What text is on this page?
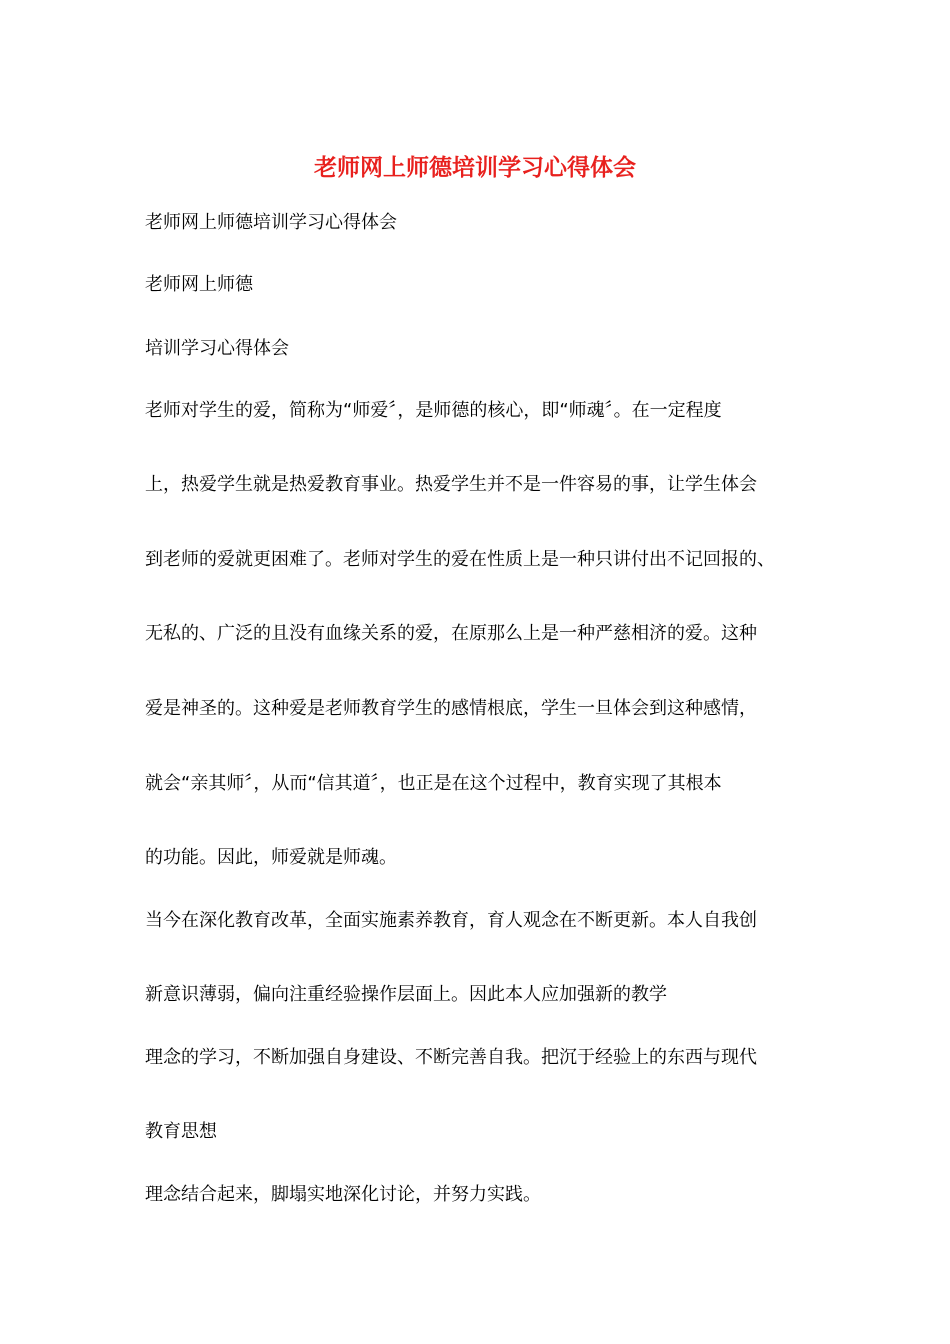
老师网上师德培训学习心得体会
老师网上师德培训学习心得体会
老师网上师德
培训学习心得体会
老师对学生的爱，简称为“师爱〞，是师德的核心，即“师魂〞。在一定程度
上，热爱学生就是热爱教育事业。热爱学生并不是一件容易的事，让学生体会
到老师的爱就更困难了。老师对学生的爱在性质上是一种只讲付出不记回报的、
无私的、广泛的且没有血缘关系的爱，在原那么上是一种严慈相济的爱。这种
爱是神圣的。这种爱是老师教育学生的感情根底，学生一旦体会到这种感情，
就会“亲其师〞，从而“信其道〞，也正是在这个过程中，教育实现了其根本
的功能。因此，师爱就是师魂。
当今在深化教育改革，全面实施素养教育，育人观念在不断更新。本人自我创
新意识薄弱，偏向注重经验操作层面上。因此本人应加强新的教学
理念的学习，不断加强自身建设、不断完善自我。把沉于经验上的东西与现代
教育思想
理念结合起来，脚塌实地深化讨论，并努力实践。
